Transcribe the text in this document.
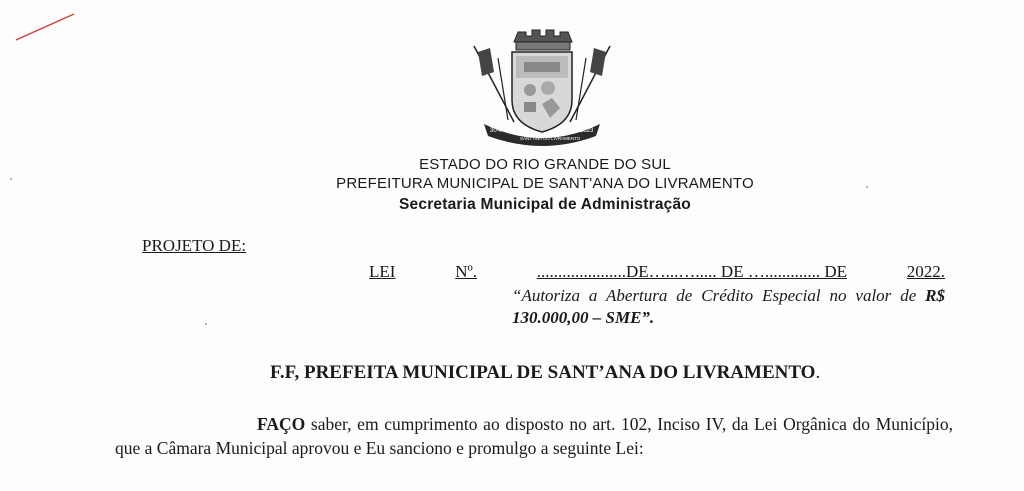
30-07	1823
SANT'ANA DO LIVRAMENTO
ESTADO DO RIO GRANDE DO SUL
PREFEITURA MUNICIPAL DE SANT'ANA DO LIVRAMENTO
Secretaria Municipal de Administração
PROJETO DE:
LEI	Nº.	.....................DE…...…..... DE …............. DE	2022.
“Autoriza a Abertura de Crédito Especial no valor de R$ 130.000,00 – SME”.
F.F, PREFEITA MUNICIPAL DE SANT’ANA DO LIVRAMENTO.
FAÇO saber, em cumprimento ao disposto no art. 102, Inciso IV, da Lei Orgânica do Município, que a Câmara Municipal aprovou e Eu sanciono e promulgo a seguinte Lei:
